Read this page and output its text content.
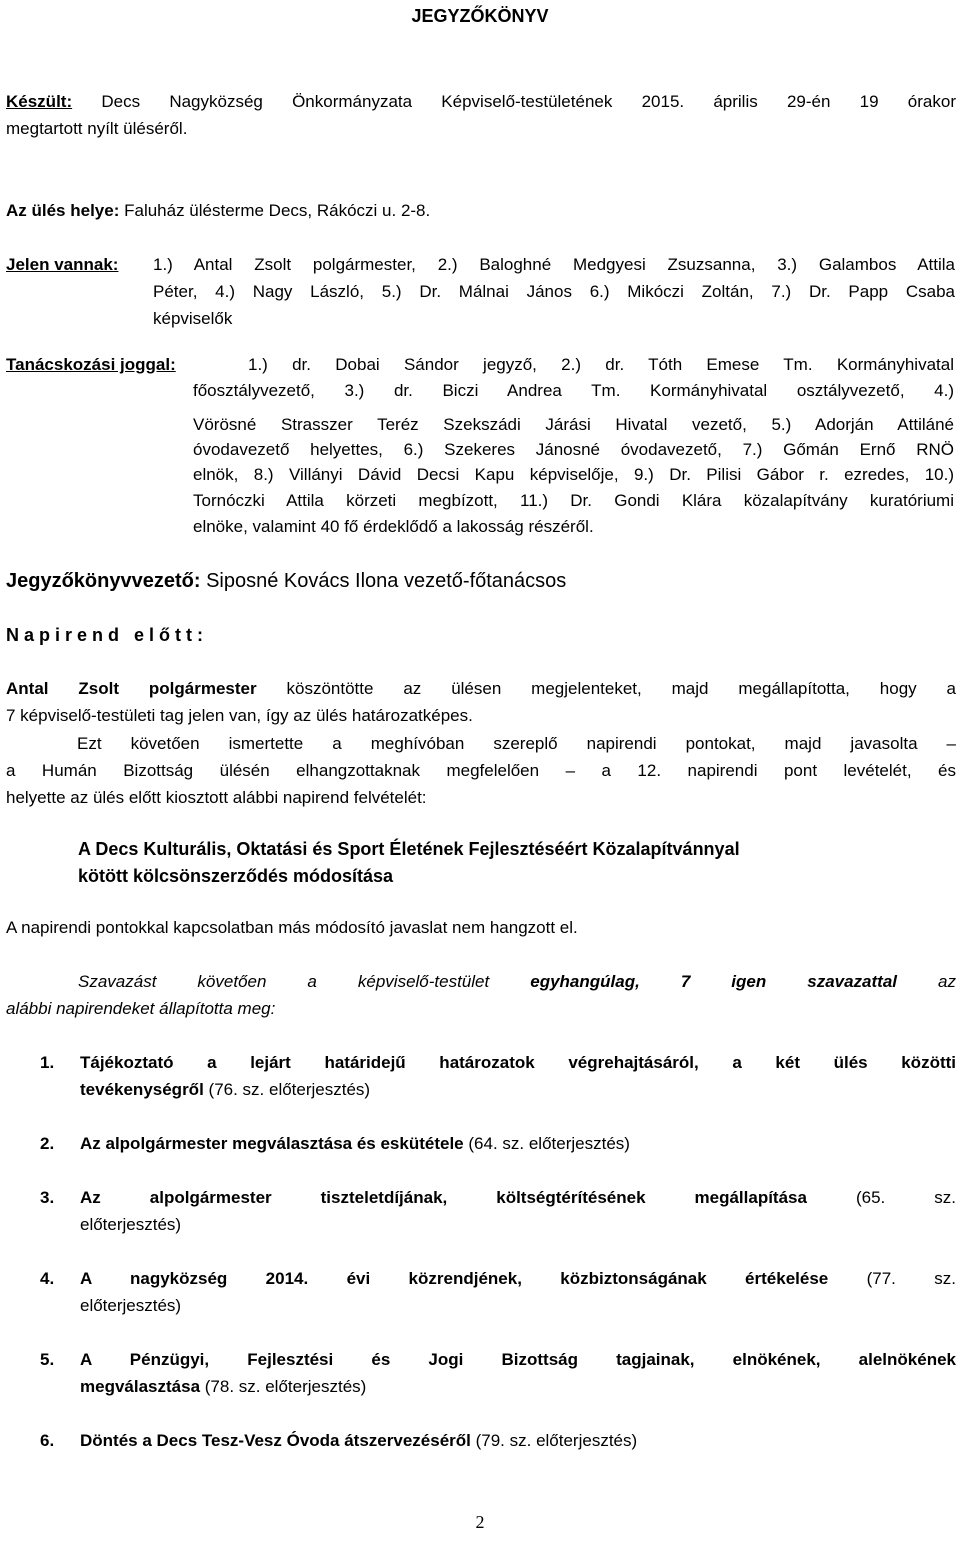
JEGYZŐKÖNYV
Készült: Decs Nagyközség Önkormányzata Képviselő-testületének 2015. április 29-én 19 órakor
megtartott nyílt üléséről.
Az ülés helye: Faluház ülésterme Decs, Rákóczi u. 2-8.
Jelen vannak: 1.) Antal Zsolt polgármester, 2.) Baloghné Medgyesi Zsuzsanna, 3.) Galambos Attila
Péter, 4.) Nagy László, 5.) Dr. Málnai János 6.) Mikóczi Zoltán, 7.) Dr. Papp Csaba
képviselők
Tanácskozási joggal:	1.) dr. Dobai Sándor jegyző, 2.) dr. Tóth Emese Tm. Kormányhivatal
főosztályvezető, 3.) dr. Biczi Andrea Tm. Kormányhivatal osztályvezető, 4.)
Vörösné Strasszer Teréz Szekszádi Járási Hivatal vezető, 5.) Adorján Attiláné
óvodavezető helyettes, 6.) Szekeres Jánosné óvodavezető, 7.) Gőmán Ernő RNÖ
elnök, 8.) Villányi Dávid Decsi Kapu képviselője, 9.) Dr. Pilisi Gábor r. ezredes, 10.)
Tornóczki Attila körzeti megbízott, 11.) Dr. Gondi Klára közalapítvány kuratóriumi
elnöke, valamint 40 fő érdeklődő a lakosság részéről.
Jegyzőkönyvvezető: Siposné Kovács Ilona vezető-főtanácsos
N a p i r e n d   e l ő t t :
Antal Zsolt polgármester köszöntötte az ülésen megjelenteket, majd megállapította, hogy a
7 képviselő-testületi tag jelen van, így az ülés határozatképes.
Ezt követően ismertette a meghívóban szereplő napirendi pontokat, majd javasolta –
a Humán Bizottság ülésén elhangzottaknak megfelelően – a 12. napirendi pont levételét, és
helyette az ülés előtt kiosztott alábbi napirend felvételét:
A Decs Kulturális, Oktatási és Sport Életének Fejlesztéséért Közalapítvánnyal
kötött kölcsönszerződés módosítása
A napirendi pontokkal kapcsolatban más módosító javaslat nem hangzott el.
Szavazást követően a képviselő-testület egyhangúlag, 7 igen szavazattal az
alábbi napirendeket állapította meg:
1. Tájékoztató a lejárt határidejű határozatok végrehajtásáról, a két ülés közötti
tevékenységről (76. sz. előterjesztés)
2. Az alpolgármester megválasztása és eskütétele (64. sz. előterjesztés)
3. Az alpolgármester tiszteletdíjának, költségtérítésének megállapítása	(65. sz.
előterjesztés)
4. A nagyközség 2014. évi közrendjének, közbiztonságának értékelése (77. sz.
előterjesztés)
5. A Pénzügyi, Fejlesztési és Jogi Bizottság tagjainak, elnökének, alelnökének
megválasztása (78. sz. előterjesztés)
6. Döntés a Decs Tesz-Vesz Óvoda átszervezéséről (79. sz. előterjesztés)
2
